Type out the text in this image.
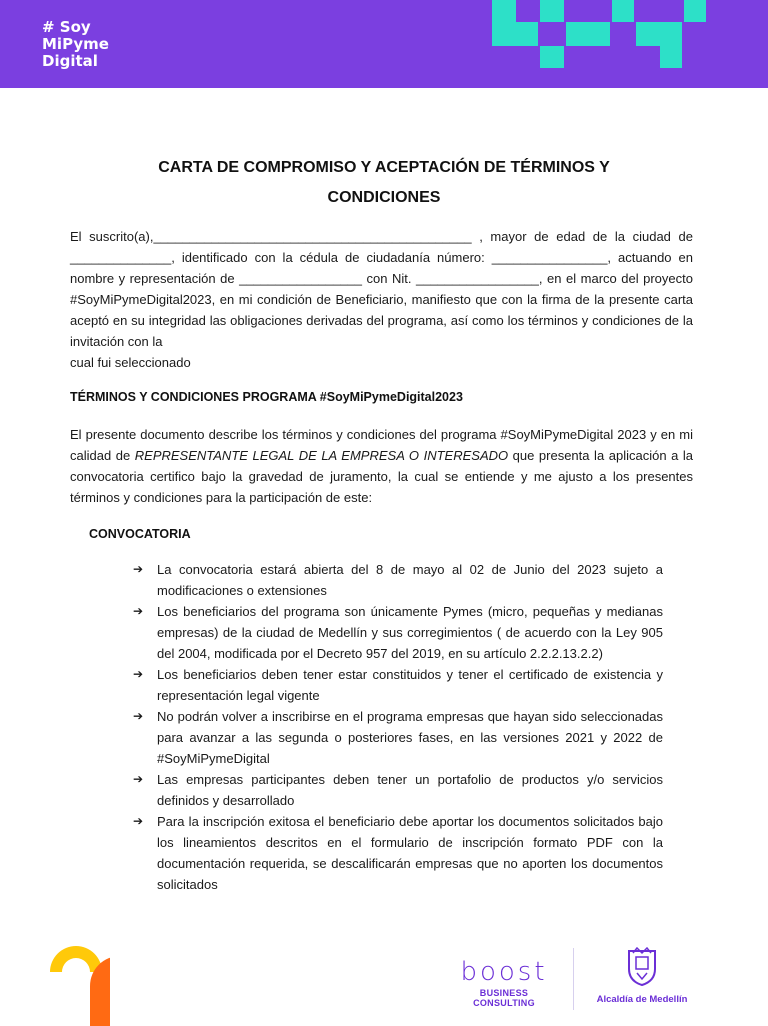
# Soy
MiPyme
Digital
CARTA DE COMPROMISO Y ACEPTACIÓN DE TÉRMINOS Y
CONDICIONES
El suscrito(a),____________________________________________ , mayor de edad de la ciudad de ______________, identificado con la cédula de ciudadanía número: ________________, actuando en nombre y representación de _________________ con Nit. _________________, en el marco del proyecto #SoyMiPymeDigital2023, en mi condición de Beneficiario, manifiesto que con la firma de la presente carta aceptó en su integridad las obligaciones derivadas del programa, así como los términos y condiciones de la invitación con la
cual fui seleccionado
TÉRMINOS Y CONDICIONES PROGRAMA #SoyMiPymeDigital2023
El presente documento describe los términos y condiciones del programa #SoyMiPymeDigital 2023 y en mi calidad de REPRESENTANTE LEGAL DE LA EMPRESA O INTERESADO que presenta la aplicación a la convocatoria certifico bajo la gravedad de juramento, la cual se entiende y me ajusto a los presentes términos y condiciones para la participación de este:
CONVOCATORIA
➔ La convocatoria estará abierta del 8 de mayo al 02 de Junio del 2023 sujeto a modificaciones o extensiones
➔ Los beneficiarios del programa son únicamente Pymes (micro, pequeñas y medianas empresas) de la ciudad de Medellín y sus corregimientos ( de acuerdo con la Ley 905 del 2004, modificada por el Decreto 957 del 2019, en su artículo 2.2.2.13.2.2)
➔ Los beneficiarios deben tener estar constituidos y tener el certificado de existencia y representación legal vigente
➔ No podrán volver a inscribirse en el programa empresas que hayan sido seleccionadas para avanzar a las segunda o posteriores fases, en las versiones 2021 y 2022 de #SoyMiPymeDigital
➔ Las empresas participantes deben tener un portafolio de productos y/o servicios definidos y desarrollado
➔ Para la inscripción exitosa el beneficiario debe aportar los documentos solicitados bajo los lineamientos descritos en el formulario de inscripción formato PDF con la documentación requerida, se descalificarán empresas que no aporten los documentos solicitados
boost
BUSINESS CONSULTING	Alcaldía de Medellín
